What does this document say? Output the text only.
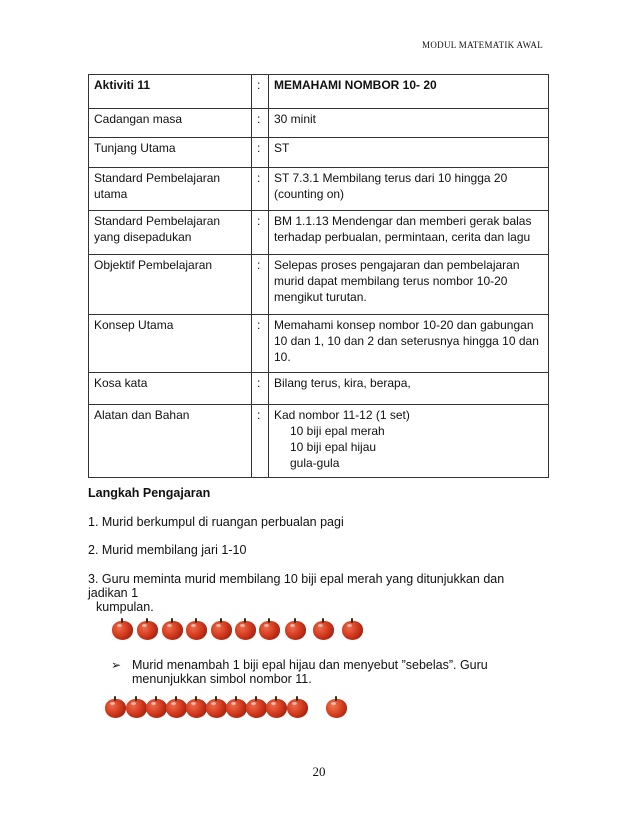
MODUL MATEMATIK AWAL
Aktiviti 11	:	MEMAHAMI NOMBOR 10- 20
Cadangan masa	:	30 minit
Tunjang Utama	:	ST
Standard Pembelajaran utama	:	ST 7.3.1 Membilang terus dari 10 hingga 20 (counting on)
Standard Pembelajaran yang disepadukan	:	BM 1.1.13 Mendengar dan memberi gerak balas terhadap perbualan, permintaan, cerita dan lagu
Objektif Pembelajaran	:	Selepas proses pengajaran dan pembelajaran murid dapat membilang terus nombor 10-20 mengikut turutan.
Konsep Utama	:	Memahami konsep nombor 10-20 dan gabungan 10 dan 1, 10 dan 2 dan seterusnya hingga 10 dan 10.
Kosa kata	:	Bilang terus, kira, berapa,
Alatan dan Bahan	:	Kad nombor 11-12 (1 set)
10 biji epal merah
10 biji epal hijau
gula-gula
Langkah Pengajaran
1. Murid berkumpul di ruangan perbualan pagi
2. Murid membilang jari 1-10
3. Guru meminta murid membilang 10 biji epal merah yang ditunjukkan dan
jadikan 1
kumpulan.
➢ Murid menambah 1 biji epal hijau dan menyebut ”sebelas”. Guru
menunjukkan simbol nombor 11.
20
